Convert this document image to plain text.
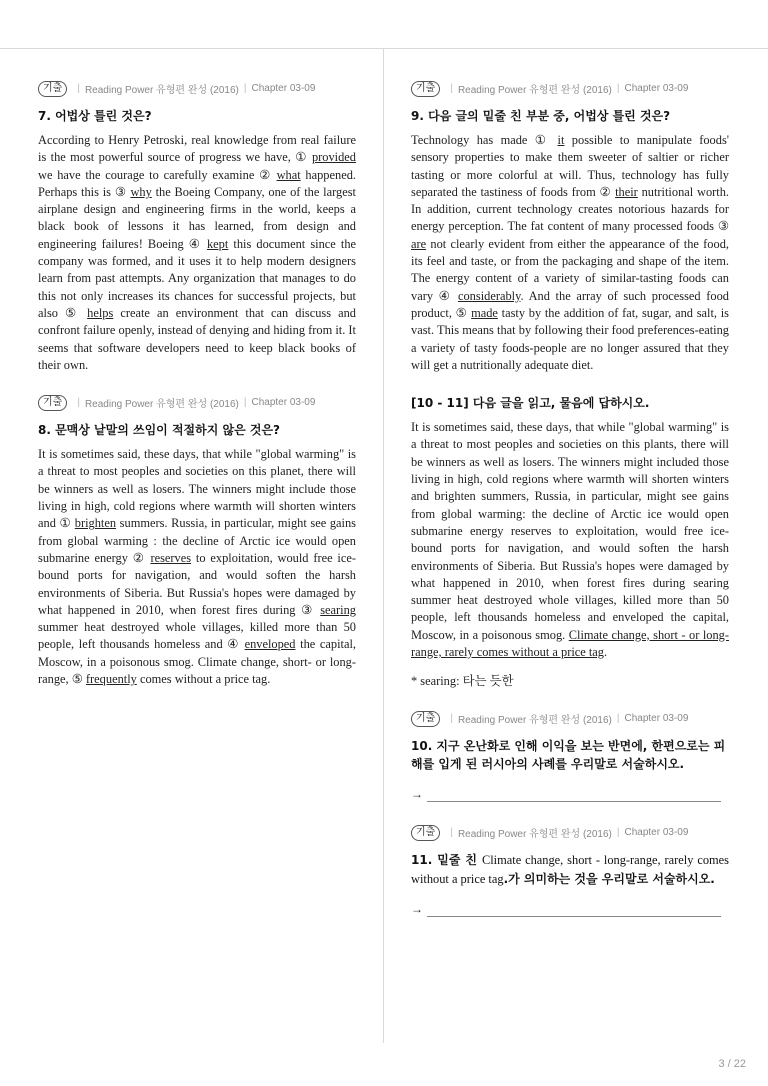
기출	| Reading Power 유형편 완성 (2016) | Chapter 03-09

7. 어법상 틀린 것은?

According to Henry Petroski, real knowledge from real failure is the most powerful source of progress we have, ① provided we have the courage to carefully examine ② what happened. Perhaps this is ③ why the Boeing Company, one of the largest airplane design and engineering firms in the world, keeps a black book of lessons it has learned, from design and engineering failures! Boeing ④ kept this document since the company was formed, and it uses it to help modern designers learn from past attempts. Any organization that manages to do this not only increases its chances for successful projects, but also ⑤ helps create an environment that can discuss and confront failure openly, instead of denying and hiding from it. It seems that software developers need to keep black books of their own.

기출	| Reading Power 유형편 완성 (2016) | Chapter 03-09

8. 문맥상 낱말의 쓰임이 적절하지 않은 것은?

It is sometimes said, these days, that while "global warming" is a threat to most peoples and societies on this planet, there will be winners as well as losers. The winners might include those living in high, cold regions where warmth will shorten winters and ① brighten summers. Russia, in particular, might see gains from global warming : the decline of Arctic ice would open submarine energy ② reserves to exploitation, would free ice-bound ports for navigation, and would soften the harsh environments of Siberia. But Russia's hopes were damaged by what happened in 2010, when forest fires during ③ searing summer heat destroyed whole villages, killed more than 50 people, left thousands homeless and ④ enveloped the capital, Moscow, in a poisonous smog. Climate change, short- or long-range, ⑤ frequently comes without a price tag.

기출	| Reading Power 유형편 완성 (2016) | Chapter 03-09

9. 다음 글의 밑줄 친 부분 중, 어법상 틀린 것은?

Technology has made ① it possible to manipulate foods' sensory properties to make them sweeter of saltier or richer tasting or more colorful at will. Thus, technology has fully separated the tastiness of foods from ② their nutritional worth. In addition, current technology creates notorious hazards for energy perception. The fat content of many processed foods ③ are not clearly evident from either the appearance of the food, its feel and taste, or from the packaging and shape of the item. The energy content of a variety of similar-tasting foods can vary ④ considerably. And the array of such processed food product, ⑤ made tasty by the addition of fat, sugar, and salt, is vast. This means that by following their food preferences-eating a variety of tasty foods-people are no longer assured that they will get a nutritionally adequate diet.

[10 - 11] 다음 글을 읽고, 물음에 답하시오.

It is sometimes said, these days, that while "global warming" is a threat to most peoples and societies on this plants, there will be winners as well as losers. The winners might included those living in high, cold regions where warmth will shorten winters and brighten summers, Russia, in particular, might see gains from global warming: the decline of Arctic ice would open submarine energy reserves to exploitation, would free ice-bound ports for navigation, and would soften the harsh environments of Siberia. But Russia's hopes were damaged by what happened in 2010, when forest fires during searing summer heat destroyed whole villages, killed more than 50 people, left thousands homeless and enveloped the capital, Moscow, in a poisonous smog. Climate change, short - or long-range, rarely comes without a price tag.

* searing: 타는 듯한

기출	| Reading Power 유형편 완성 (2016) | Chapter 03-09

10. 지구 온난화로 인해 이익을 보는 반면에, 한편으로는 피해를 입게 된 러시아의 사례를 우리말로 서술하시오.

→
기출	| Reading Power 유형편 완성 (2016) | Chapter 03-09

11. 밑줄 친 Climate change, short - long-range, rarely comes without a price tag.가 의미하는 것을 우리말로 서술하시오.

→
3 / 22
